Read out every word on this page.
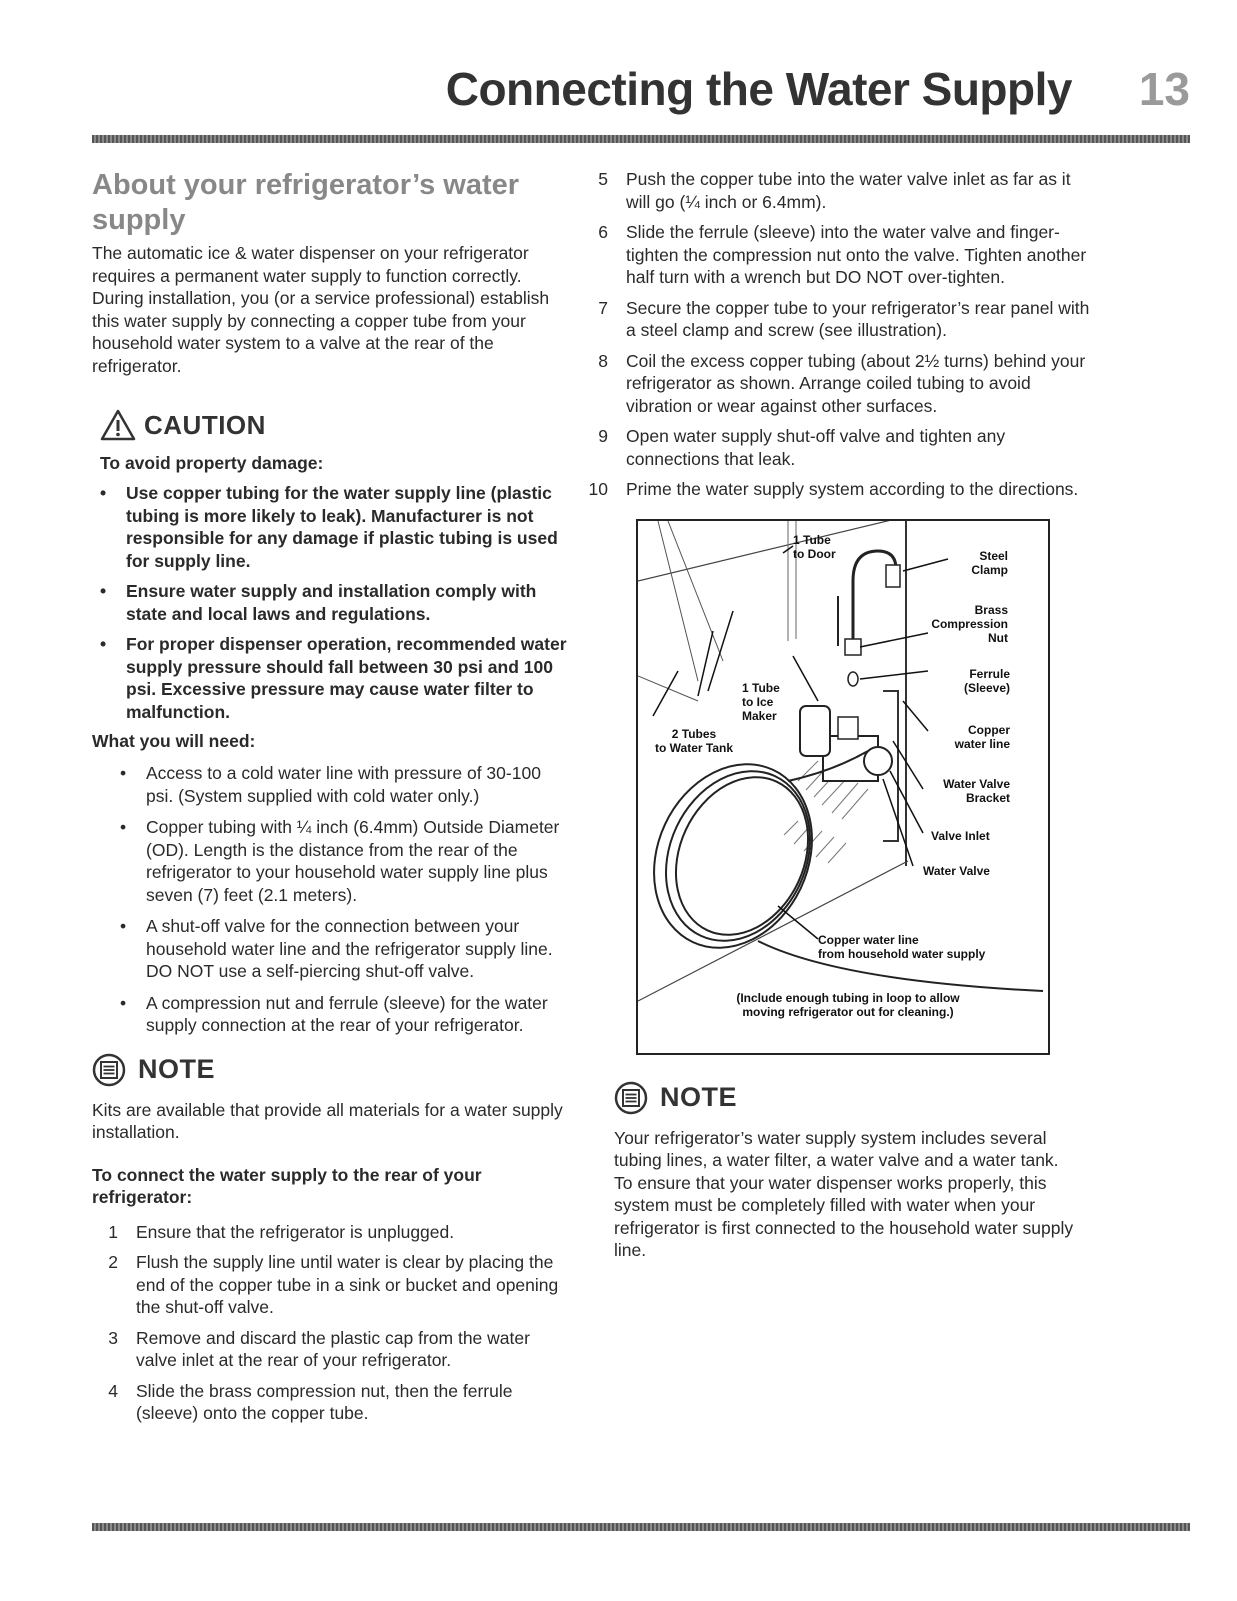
Connecting the Water Supply 13
About your refrigerator’s water supply

The automatic ice & water dispenser on your refrigerator requires a permanent water supply to function correctly. During installation, you (or a service professional) establish this water supply by connecting a copper tube from your household water system to a valve at the rear of the refrigerator.

CAUTION
To avoid property damage:
•	Use copper tubing for the water supply line (plastic tubing is more likely to leak). Manufacturer is not responsible for any damage if plastic tubing is used for supply line.
•	Ensure water supply and installation comply with state and local laws and regulations.
•	For proper dispenser operation, recommended water supply pressure should fall between 30 psi and 100 psi. Excessive pressure may cause water filter to malfunction.
What you will need:
•	Access to a cold water line with pressure of 30-100 psi. (System supplied with cold water only.)
•	Copper tubing with ¼ inch (6.4mm) Outside Diameter (OD). Length is the distance from the rear of the refrigerator to your household water supply line plus seven (7) feet (2.1 meters).
•	A shut-off valve for the connection between your household water line and the refrigerator supply line. DO NOT use a self-piercing shut-off valve.
•	A compression nut and ferrule (sleeve) for the water supply connection at the rear of your refrigerator.
NOTE

Kits are available that provide all materials for a water supply installation.

To connect the water supply to the rear of your refrigerator:
1	Ensure that the refrigerator is unplugged.
2	Flush the supply line until water is clear by placing the end of the copper tube in a sink or bucket and opening the shut-off valve.
3	Remove and discard the plastic cap from the water valve inlet at the rear of your refrigerator.
4	Slide the brass compression nut, then the ferrule (sleeve) onto the copper tube.
5	Push the copper tube into the water valve inlet as far as it will go (¼ inch or 6.4mm).
6	Slide the ferrule (sleeve) into the water valve and finger-tighten the compression nut onto the valve. Tighten another half turn with a wrench but DO NOT over-tighten.
7	Secure the copper tube to your refrigerator’s rear panel with a steel clamp and screw (see illustration).
8	Coil the excess copper tubing (about 2½ turns) behind your refrigerator as shown. Arrange coiled tubing to avoid vibration or wear against other surfaces.
9	Open water supply shut-off valve and tighten any connections that leak.
10	Prime the water supply system according to the directions.
1 Tube
to Door	Steel
Clamp
Brass
Compression
Nut
Ferrule
(Sleeve)
1 Tube
to Ice
Maker
2 Tubes
to Water Tank
Copper
water line
Water Valve
Bracket
Valve Inlet
Water Valve
Copper water line
from household water supply
(Include enough tubing in loop to allow
moving refrigerator out for cleaning.)
NOTE

Your refrigerator’s water supply system includes several tubing lines, a water filter, a water valve and a water tank. To ensure that your water dispenser works properly, this system must be completely filled with water when your refrigerator is first connected to the household water supply line.
